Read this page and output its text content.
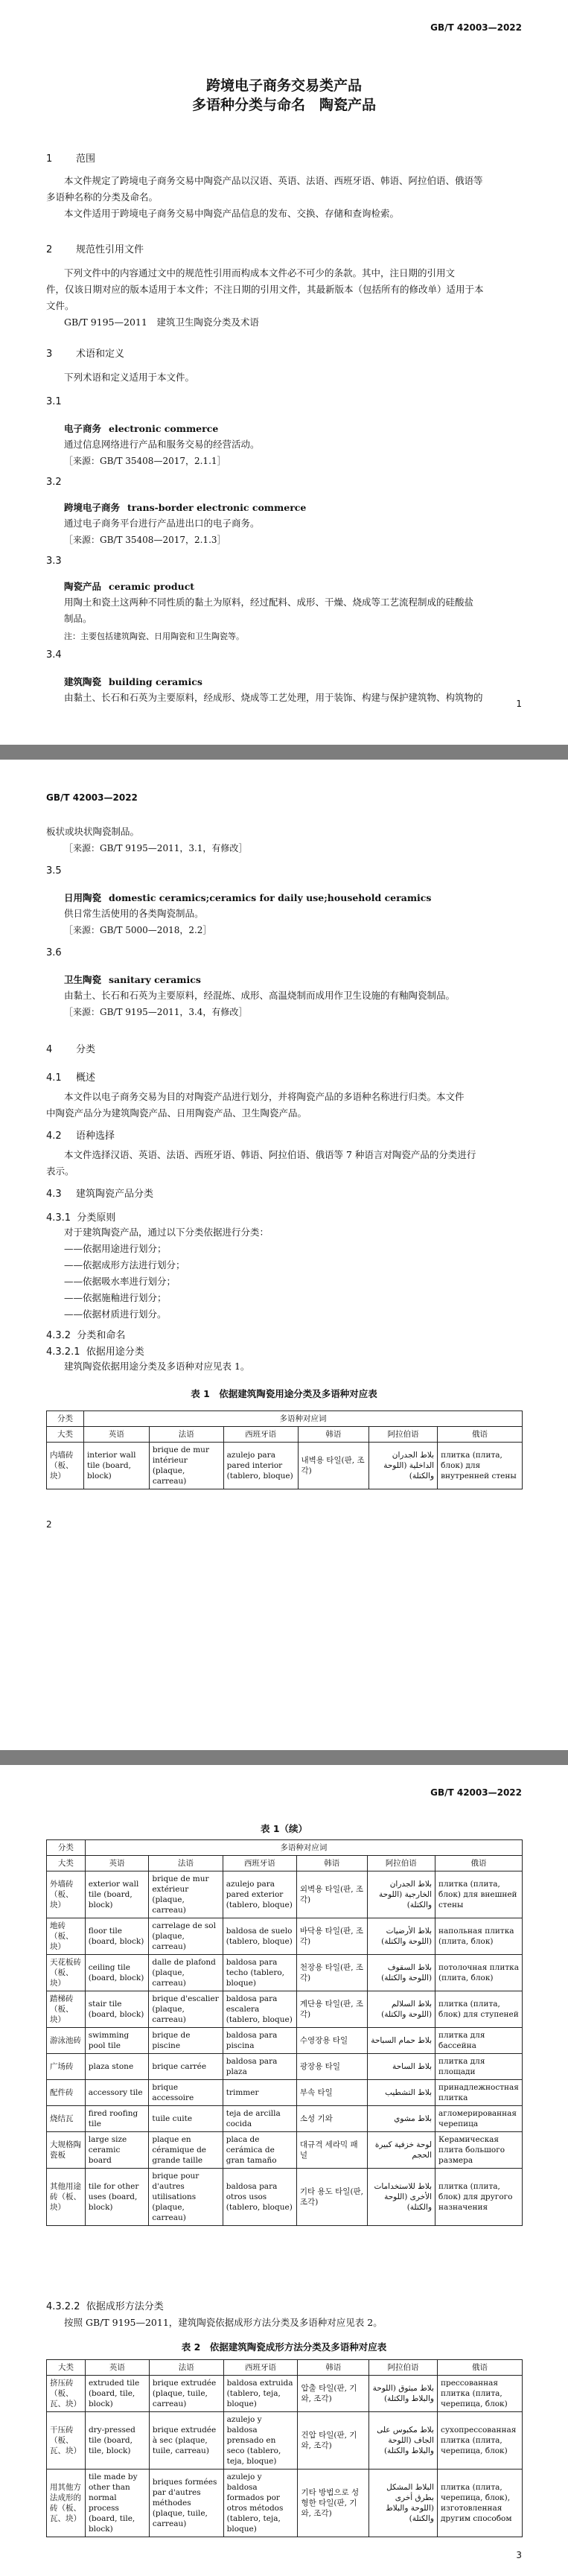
GB/T 42003—2022
跨境电子商务交易类产品
多语种分类与命名　陶瓷产品
1 范围
本文件规定了跨境电子商务交易中陶瓷产品以汉语、英语、法语、西班牙语、韩语、阿拉伯语、俄语等
多语种名称的分类及命名。
本文件适用于跨境电子商务交易中陶瓷产品信息的发布、交换、存储和查询检索。
2 规范性引用文件
下列文件中的内容通过文中的规范性引用而构成本文件必不可少的条款。其中，注日期的引用文
件，仅该日期对应的版本适用于本文件；不注日期的引用文件，其最新版本（包括所有的修改单）适用于本
文件。
GB/T 9195—2011　建筑卫生陶瓷分类及术语
3 术语和定义
下列术语和定义适用于本文件。
3.1
电子商务 electronic commerce
通过信息网络进行产品和服务交易的经营活动。
［来源：GB/T 35408—2017，2.1.1］
3.2
跨境电子商务 trans-border electronic commerce
通过电子商务平台进行产品进出口的电子商务。
［来源：GB/T 35408—2017，2.1.3］
3.3
陶瓷产品 ceramic product
用陶土和瓷土这两种不同性质的黏土为原料，经过配料、成形、干燥、烧成等工艺流程制成的硅酸盐
制品。
注：主要包括建筑陶瓷、日用陶瓷和卫生陶瓷等。
3.4
建筑陶瓷 building ceramics
由黏土、长石和石英为主要原料，经成形、烧成等工艺处理，用于装饰、构建与保护建筑物、构筑物的
1
GB/T 42003—2022
板状或块状陶瓷制品。
［来源：GB/T 9195—2011，3.1，有修改］
3.5
日用陶瓷 domestic ceramics;ceramics for daily use;household ceramics
供日常生活使用的各类陶瓷制品。
［来源：GB/T 5000—2018，2.2］
3.6
卫生陶瓷 sanitary ceramics
由黏土、长石和石英为主要原料，经混炼、成形、高温烧制而成用作卫生设施的有釉陶瓷制品。
［来源：GB/T 9195—2011，3.4，有修改］
4 分类
4.1 概述
本文件以电子商务交易为目的对陶瓷产品进行划分，并将陶瓷产品的多语种名称进行归类。本文件
中陶瓷产品分为建筑陶瓷产品、日用陶瓷产品、卫生陶瓷产品。
4.2 语种选择
本文件选择汉语、英语、法语、西班牙语、韩语、阿拉伯语、俄语等 7 种语言对陶瓷产品的分类进行
表示。
4.3 建筑陶瓷产品分类
4.3.1 分类原则
对于建筑陶瓷产品，通过以下分类依据进行分类：
——依据用途进行划分；
——依据成形方法进行划分；
——依据吸水率进行划分；
——依据施釉进行划分；
——依据材质进行划分。
4.3.2 分类和命名
4.3.2.1 依据用途分类
建筑陶瓷依据用途分类及多语种对应见表 1。
表 1　依据建筑陶瓷用途分类及多语种对应表
分类	多语种对应词					
大类	英语	法语	西班牙语	韩语	阿拉伯语	俄语
内墙砖
（板、块）	interior wall tile (board, block)	brique de mur intérieur (plaque, carreau)	azulejo para pared interior (tablero, bloque)	내벽용 타일(판, 조각)	بلاط الجدران الداخلية (اللوحة والكتلة)	плитка (плита, блок) для внутренней стены
2
GB/T 42003—2022
表 1（续）
分类	多语种对应词					
大类	英语	法语	西班牙语	韩语	阿拉伯语	俄语
外墙砖
（板、块）	exterior wall tile (board, block)	brique de mur extérieur (plaque, carreau)	azulejo para pared exterior (tablero, bloque)	외벽용 타일(판, 조각)	بلاط الجدران الخارجية (اللوحة والكتلة)	плитка (плита, блок) для внешней стены
地砖（板、块）	floor tile (board, block)	carrelage de sol (plaque, carreau)	baldosa de suelo (tablero, bloque)	바닥용 타일(판, 조각)	بلاط الأرضيات (اللوحة والكتلة)	напольная плитка (плита, блок)
天花板砖
（板、块）	ceiling tile (board, block)	dalle de plafond (plaque, carreau)	baldosa para techo (tablero, bloque)	천장용 타일(판, 조각)	بلاط السقوف (اللوحة والكتلة)	потолочная плитка (плита, блок)
踏梯砖
（板、块）	stair tile (board, block)	brique d'escalier (plaque, carreau)	baldosa para escalera (tablero, bloque)	계단용 타일(판, 조각)	بلاط السلالم (اللوحة والكتلة)	плитка (плита, блок) для ступеней
游泳池砖	swimming pool tile	brique de piscine	baldosa para piscina	수영장용 타일	بلاط حمام السباحة	плитка для бассейна
广场砖	plaza stone	brique carrée	baldosa para plaza	광장용 타일	بلاط الساحة	плитка для площади
配件砖	accessory tile	brique accessoire	trimmer	부속 타일	بلاط التشطيب	принадлежностная плитка
烧结瓦	fired roofing tile	tuile cuite	teja de arcilla cocida	소성 기와	بلاط مشوي	агломерированная черепица
大规格陶瓷板	large size ceramic board	plaque en céramique de grande taille	placa de cerámica de gran tamaño	대규격 세라믹 패널	لوحة خزفية كبيرة الحجم	Керамическая плита большого размера
其他用途砖（板、块）	tile for other uses (board, block)	brique pour d'autres utilisations (plaque, carreau)	baldosa para otros usos (tablero, bloque)	기타 용도 타일(판, 조각)	بلاط للاستخدامات الأخرى (اللوحة والكتلة)	плитка (плита, блок) для другого назначения
4.3.2.2 依据成形方法分类
按照 GB/T 9195—2011，建筑陶瓷依据成形方法分类及多语种对应见表 2。
表 2　依据建筑陶瓷成形方法分类及多语种对应表
大类	英语	法语	西班牙语	韩语	阿拉伯语	俄语
挤压砖
（板、瓦、块）	extruded tile (board, tile, block)	brique extrudée (plaque, tuile, carreau)	baldosa extruida (tablero, teja, bloque)	압출 타일(판, 기와, 조각)	بلاط مبثوق (اللوحة والبلاط والكتلة)	прессованная плитка (плита, черепица, блок)
干压砖
（板、瓦、块）	dry-pressed tile (board, tile, block)	brique extrudée à sec (plaque, tuile, carreau)	azulejo y baldosa prensado en seco (tablero, teja, bloque)	건압 타일(판, 기와, 조각)	بلاط مكبوس على الجاف (اللوحة والبلاط والكتلة)	сухопрессованная плитка (плита, черепица, блок)
用其他方法成形的砖（板、瓦、块）	tile made by other than normal process (board, tile, block)	briques formées par d'autres méthodes (plaque, tuile, carreau)	azulejo y baldosa formados por otros métodos (tablero, teja, bloque)	기타 방법으로 성형한 타일(판, 기와, 조각)	البلاط المشكل بطرق أخرى (اللوحة والبلاط والكتلة)	плитка (плита, черепица, блок), изготовленная другим способом
3
